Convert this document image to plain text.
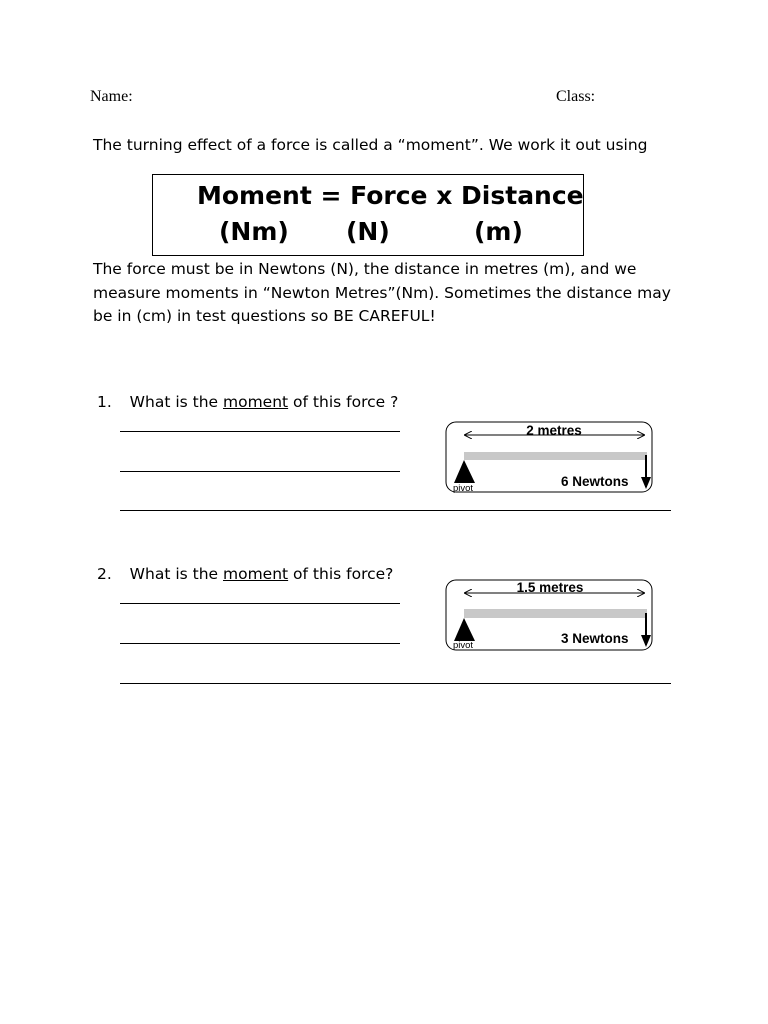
Name:	Class:
The turning effect of a force is called a “moment”. We work it out using
Moment = Force x Distance
(Nm) (N)	(m)
The force must be in Newtons (N), the distance in metres (m), and we measure moments in “Newton Metres”(Nm). Sometimes the distance may be in (cm) in test questions so BE CAREFUL!
1. What is the moment of this force ?
2 metres
6 Newtons
pivot
2. What is the moment of this force?
1.5 metres
3 Newtons
pivot
